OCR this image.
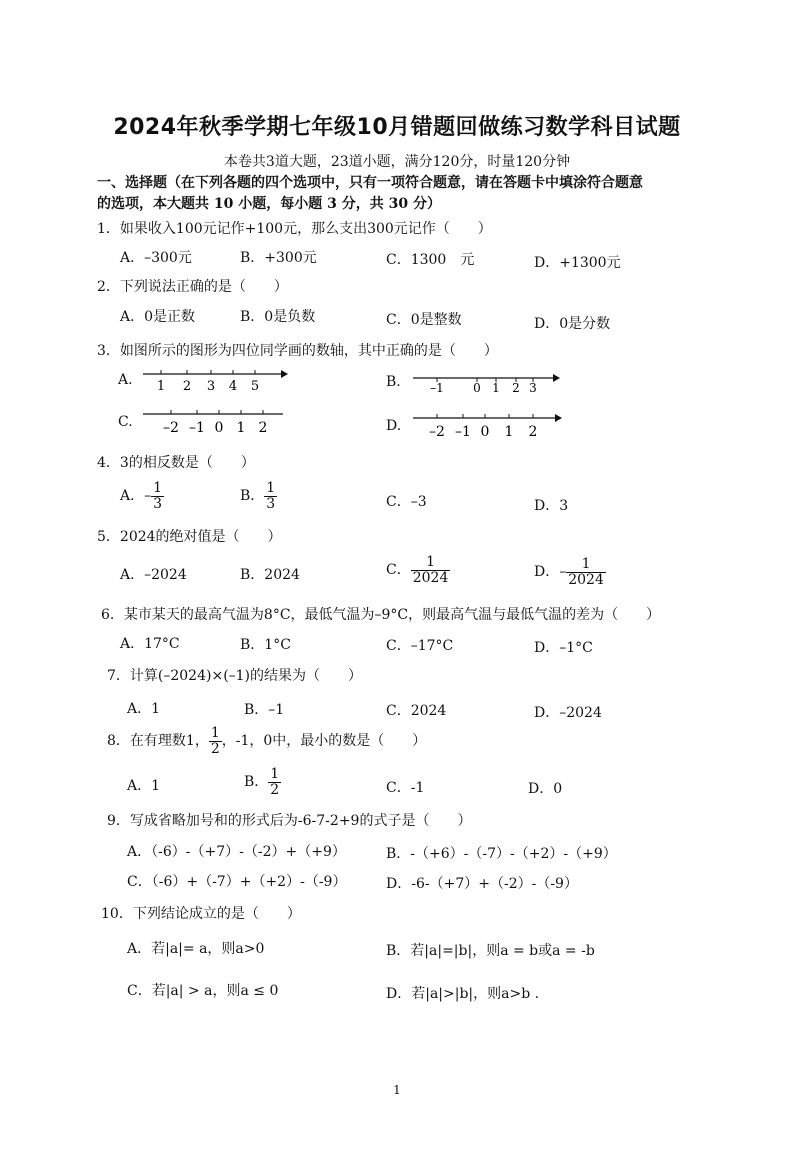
2024年秋季学期七年级10月错题回做练习数学科目试题
本卷共3道大题，23道小题，满分120分，时量120分钟
一、选择题（在下列各题的四个选项中，只有一项符合题意，请在答题卡中填涂符合题意
的选项，本大题共 10 小题，每小题 3 分，共 30 分）
1．如果收入100元记作+100元，那么支出300元记作（　　）
A．–300元	B．+300元	C．1300　元	D．+1300元
2．下列说法正确的是（　　）
A．0是正数	B．0是负数	C．0是整数	D．0是分数
3．如图所示的图形为四位同学画的数轴，其中正确的是（　　）
A. 1 2 3 4 5	B. –1 0 1 2 3
C. –2 –1 0 1 2	D. –2 –1 0 1 2
4．3的相反数是（　　）
A．– $\frac{1}{3}$	B． $\frac{1}{3}$	C．–3	D．3
5．2024的绝对值是（　　）
A．–2024	B．2024	C． $\frac{1}{2024}$	D．– $\frac{1}{2024}$
6．某市某天的最高气温为8°C，最低气温为–9°C，则最高气温与最低气温的差为（　　）
A．17°C	B．1°C	C．–17°C	D．–1°C
7．计算(–2024)×(–1)的结果为（　　）
A．1	B．–1	C．2024	D．–2024
8．在有理数1， $\frac{1}{2}$ ，-1，0中，最小的数是（　　）
A．1	B． $\frac{1}{2}$	C．-1	D．0
9．写成省略加号和的形式后为-6-7-2+9的式子是（　　）
A．（-6）-（+7）-（-2）+（+9）	B．-（+6）-（-7）-（+2）-（+9）
C．（-6）+（-7）+（+2）-（-9）	D．-6-（+7）+（-2）-（-9）
10．下列结论成立的是（　　）
A．若|a|= a，则a>0	B．若|a|=|b|，则a = b或a = -b
C．若|a| > a，则a ≤ 0	D．若|a|>|b|，则a>b .
1
